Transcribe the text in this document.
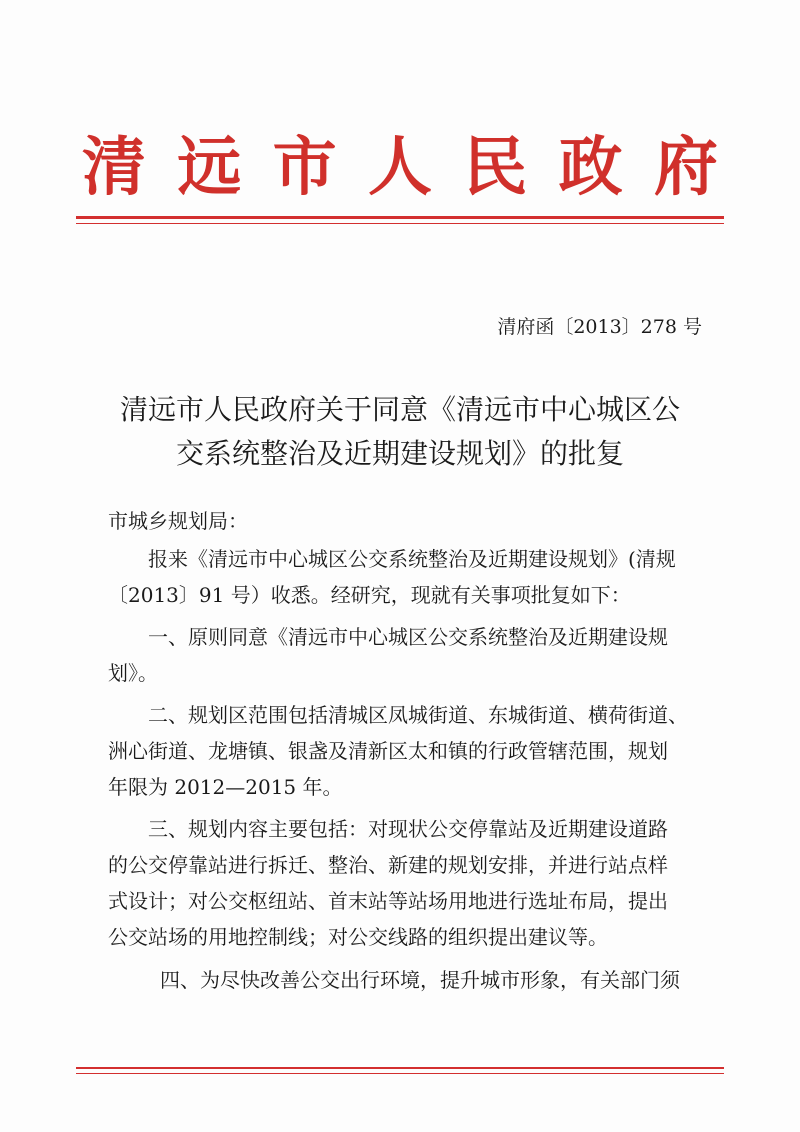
清 远 市 人 民 政 府
清府函〔2013〕278 号
清远市人民政府关于同意《清远市中心城区公
交系统整治及近期建设规划》的批复
市城乡规划局：
报来《清远市中心城区公交系统整治及近期建设规划》(清规
〔2013〕91 号）收悉。经研究，现就有关事项批复如下：
一、原则同意《清远市中心城区公交系统整治及近期建设规
划》。
二、规划区范围包括清城区凤城街道、东城街道、横荷街道、
洲心街道、龙塘镇、银盏及清新区太和镇的行政管辖范围，规划
年限为 2012—2015 年。
三、规划内容主要包括：对现状公交停靠站及近期建设道路
的公交停靠站进行拆迁、整治、新建的规划安排，并进行站点样
式设计；对公交枢纽站、首末站等站场用地进行选址布局，提出
公交站场的用地控制线；对公交线路的组织提出建议等。
四、为尽快改善公交出行环境，提升城市形象，有关部门须
